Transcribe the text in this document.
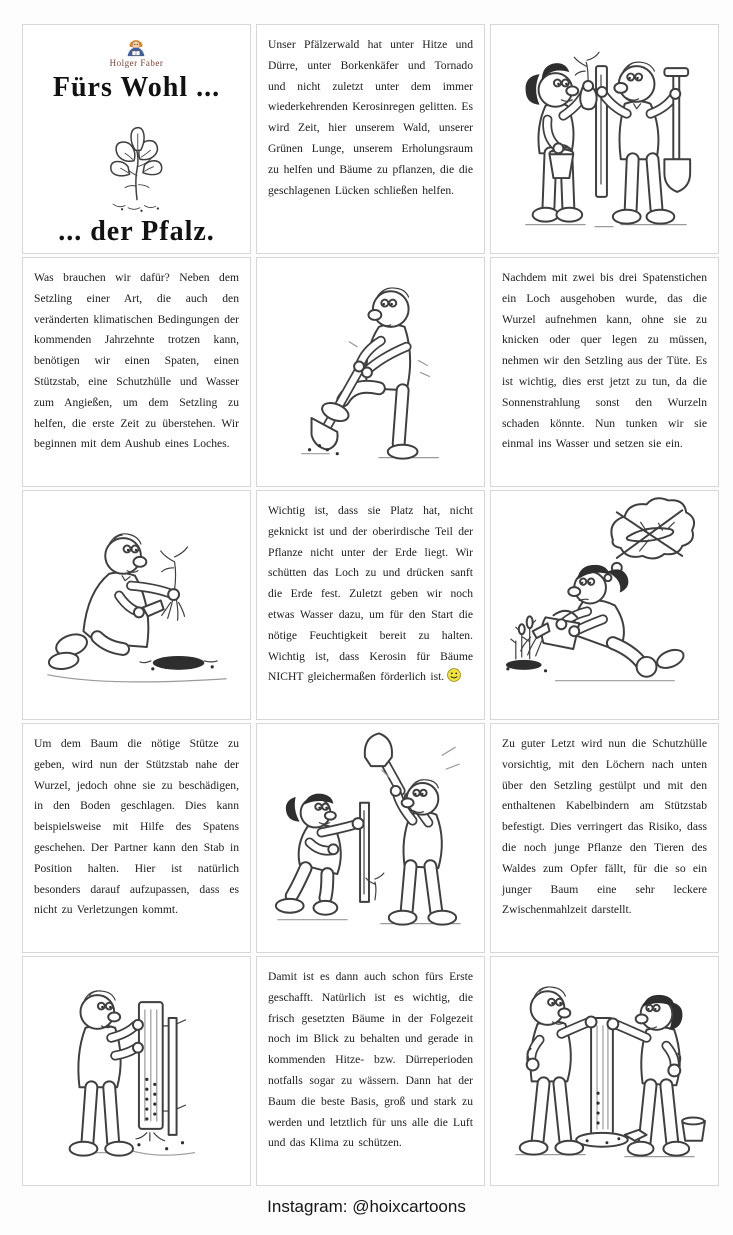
Holger Faber
Fürs Wohl ...
... der Pfalz.

Unser Pfälzerwald hat unter Hitze und Dürre, unter Borkenkäfer und Tornado und nicht zuletzt unter dem immer wiederkehrenden Kerosinregen gelitten. Es wird Zeit, hier unserem Wald, unserer Grünen Lunge, unserem Erholungsraum zu helfen und Bäume zu pflanzen, die die geschlagenen Lücken schließen helfen.

Was brauchen wir dafür? Neben dem Setzling einer Art, die auch den veränderten klimatischen Bedingungen der kommenden Jahrzehnte trotzen kann, benötigen wir einen Spaten, einen Stützstab, eine Schutzhülle und Wasser zum Angießen, um dem Setzling zu helfen, die erste Zeit zu überstehen. Wir beginnen mit dem Aushub eines Loches.

Nachdem mit zwei bis drei Spatenstichen ein Loch ausgehoben wurde, das die Wurzel aufnehmen kann, ohne sie zu knicken oder quer legen zu müssen, nehmen wir den Setzling aus der Tüte. Es ist wichtig, dies erst jetzt zu tun, da die Sonnenstrahlung sonst den Wurzeln schaden könnte. Nun tunken wir sie einmal ins Wasser und setzen sie ein.

Wichtig ist, dass sie Platz hat, nicht geknickt ist und der oberirdische Teil der Pflanze nicht unter der Erde liegt. Wir schütten das Loch zu und drücken sanft die Erde fest. Zuletzt geben wir noch etwas Wasser dazu, um für den Start die nötige Feuchtigkeit bereit zu halten. Wichtig ist, dass Kerosin für Bäume NICHT gleichermaßen förderlich ist.

Um dem Baum die nötige Stütze zu geben, wird nun der Stützstab nahe der Wurzel, jedoch ohne sie zu beschädigen, in den Boden geschlagen. Dies kann beispielsweise mit Hilfe des Spatens geschehen. Der Partner kann den Stab in Position halten. Hier ist natürlich besonders darauf aufzupassen, dass es nicht zu Verletzungen kommt.

Zu guter Letzt wird nun die Schutzhülle vorsichtig, mit den Löchern nach unten über den Setzling gestülpt und mit den enthaltenen Kabelbindern am Stützstab befestigt. Dies verringert das Risiko, dass die noch junge Pflanze den Tieren des Waldes zum Opfer fällt, für die so ein junger Baum eine sehr leckere Zwischenmahlzeit darstellt.

Damit ist es dann auch schon fürs Erste geschafft. Natürlich ist es wichtig, die frisch gesetzten Bäume in der Folgezeit noch im Blick zu behalten und gerade in kommenden Hitze- bzw. Dürreperioden notfalls sogar zu wässern. Dann hat der Baum die beste Basis, groß und stark zu werden und letztlich für uns alle die Luft und das Klima zu schützen.

Instagram: @hoixcartoons
